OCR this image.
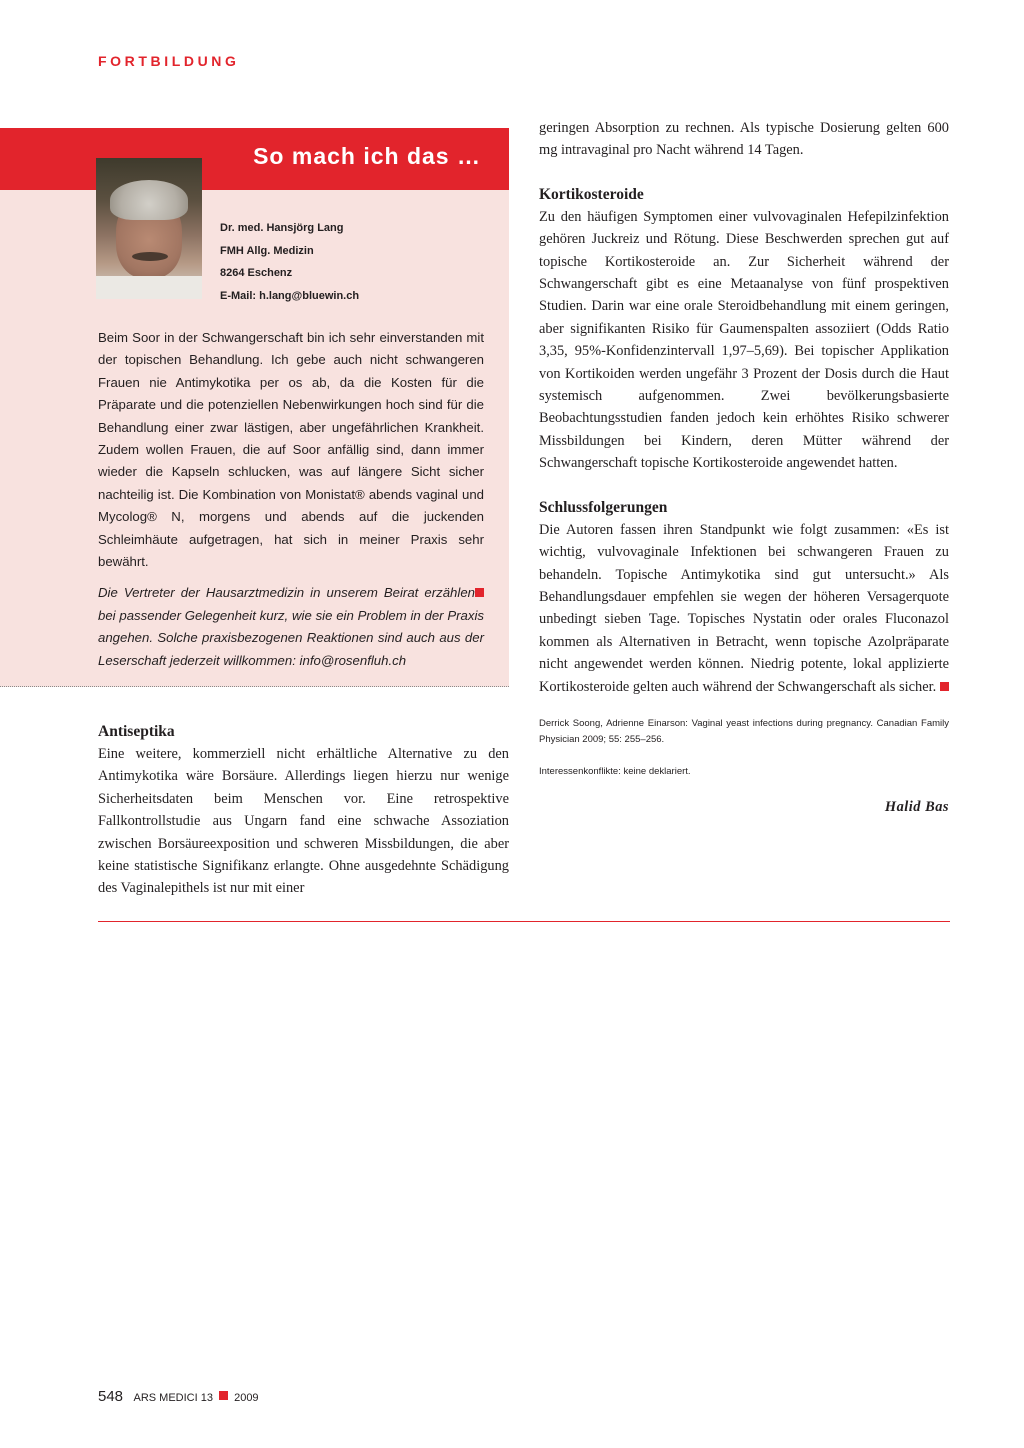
FORTBILDUNG
So mach ich das …
Dr. med. Hansjörg Lang
FMH Allg. Medizin
8264 Eschenz
E-Mail: h.lang@bluewin.ch

Beim Soor in der Schwangerschaft bin ich sehr einverstanden mit der topischen Behandlung. Ich gebe auch nicht schwangeren Frauen nie Antimykotika per os ab, da die Kosten für die Präparate und die potenziellen Nebenwirkungen hoch sind für die Behandlung einer zwar lästigen, aber ungefährlichen Krankheit. Zudem wollen Frauen, die auf Soor anfällig sind, dann immer wieder die Kapseln schlucken, was auf längere Sicht sicher nachteilig ist. Die Kombination von Monistat® abends vaginal und Mycolog® N, morgens und abends auf die juckenden Schleimhäute aufgetragen, hat sich in meiner Praxis sehr bewährt.

Die Vertreter der Hausarztmedizin in unserem Beirat erzählen bei passender Gelegenheit kurz, wie sie ein Problem in der Praxis angehen. Solche praxisbezogenen Reaktionen sind auch aus der Leserschaft jederzeit willkommen: info@rosenfluh.ch

Antiseptika

Eine weitere, kommerziell nicht erhältliche Alternative zu den Antimykotika wäre Borsäure. Allerdings liegen hierzu nur wenige Sicherheitsdaten beim Menschen vor. Eine retrospektive Fallkontrollstudie aus Ungarn fand eine schwache Assoziation zwischen Borsäureexposition und schweren Missbildungen, die aber keine statistische Signifikanz erlangte. Ohne ausgedehnte Schädigung des Vaginalepithels ist nur mit einer

geringen Absorption zu rechnen. Als typische Dosierung gelten 600 mg intravaginal pro Nacht während 14 Tagen.

Kortikosteroide

Zu den häufigen Symptomen einer vulvovaginalen Hefepilzinfektion gehören Juckreiz und Rötung. Diese Beschwerden sprechen gut auf topische Kortikosteroide an. Zur Sicherheit während der Schwangerschaft gibt es eine Metaanalyse von fünf prospektiven Studien. Darin war eine orale Steroidbehandlung mit einem geringen, aber signifikanten Risiko für Gaumenspalten assoziiert (Odds Ratio 3,35, 95%-Konfidenzintervall 1,97–5,69). Bei topischer Applikation von Kortikoiden werden ungefähr 3 Prozent der Dosis durch die Haut systemisch aufgenommen. Zwei bevölkerungsbasierte Beobachtungsstudien fanden jedoch kein erhöhtes Risiko schwerer Missbildungen bei Kindern, deren Mütter während der Schwangerschaft topische Kortikosteroide angewendet hatten.

Schlussfolgerungen

Die Autoren fassen ihren Standpunkt wie folgt zusammen: «Es ist wichtig, vulvovaginale Infektionen bei schwangeren Frauen zu behandeln. Topische Antimykotika sind gut untersucht.» Als Behandlungsdauer empfehlen sie wegen der höheren Versagerquote unbedingt sieben Tage. Topisches Nystatin oder orales Fluconazol kommen als Alternativen in Betracht, wenn topische Azolpräparate nicht angewendet werden können. Niedrig potente, lokal applizierte Kortikosteroide gelten auch während der Schwangerschaft als sicher.

Derrick Soong, Adrienne Einarson: Vaginal yeast infections during pregnancy. Canadian Family Physician 2009; 55: 255–256.

Interessenkonflikte: keine deklariert.

Halid Bas
548 ARS MEDICI 13 2009
